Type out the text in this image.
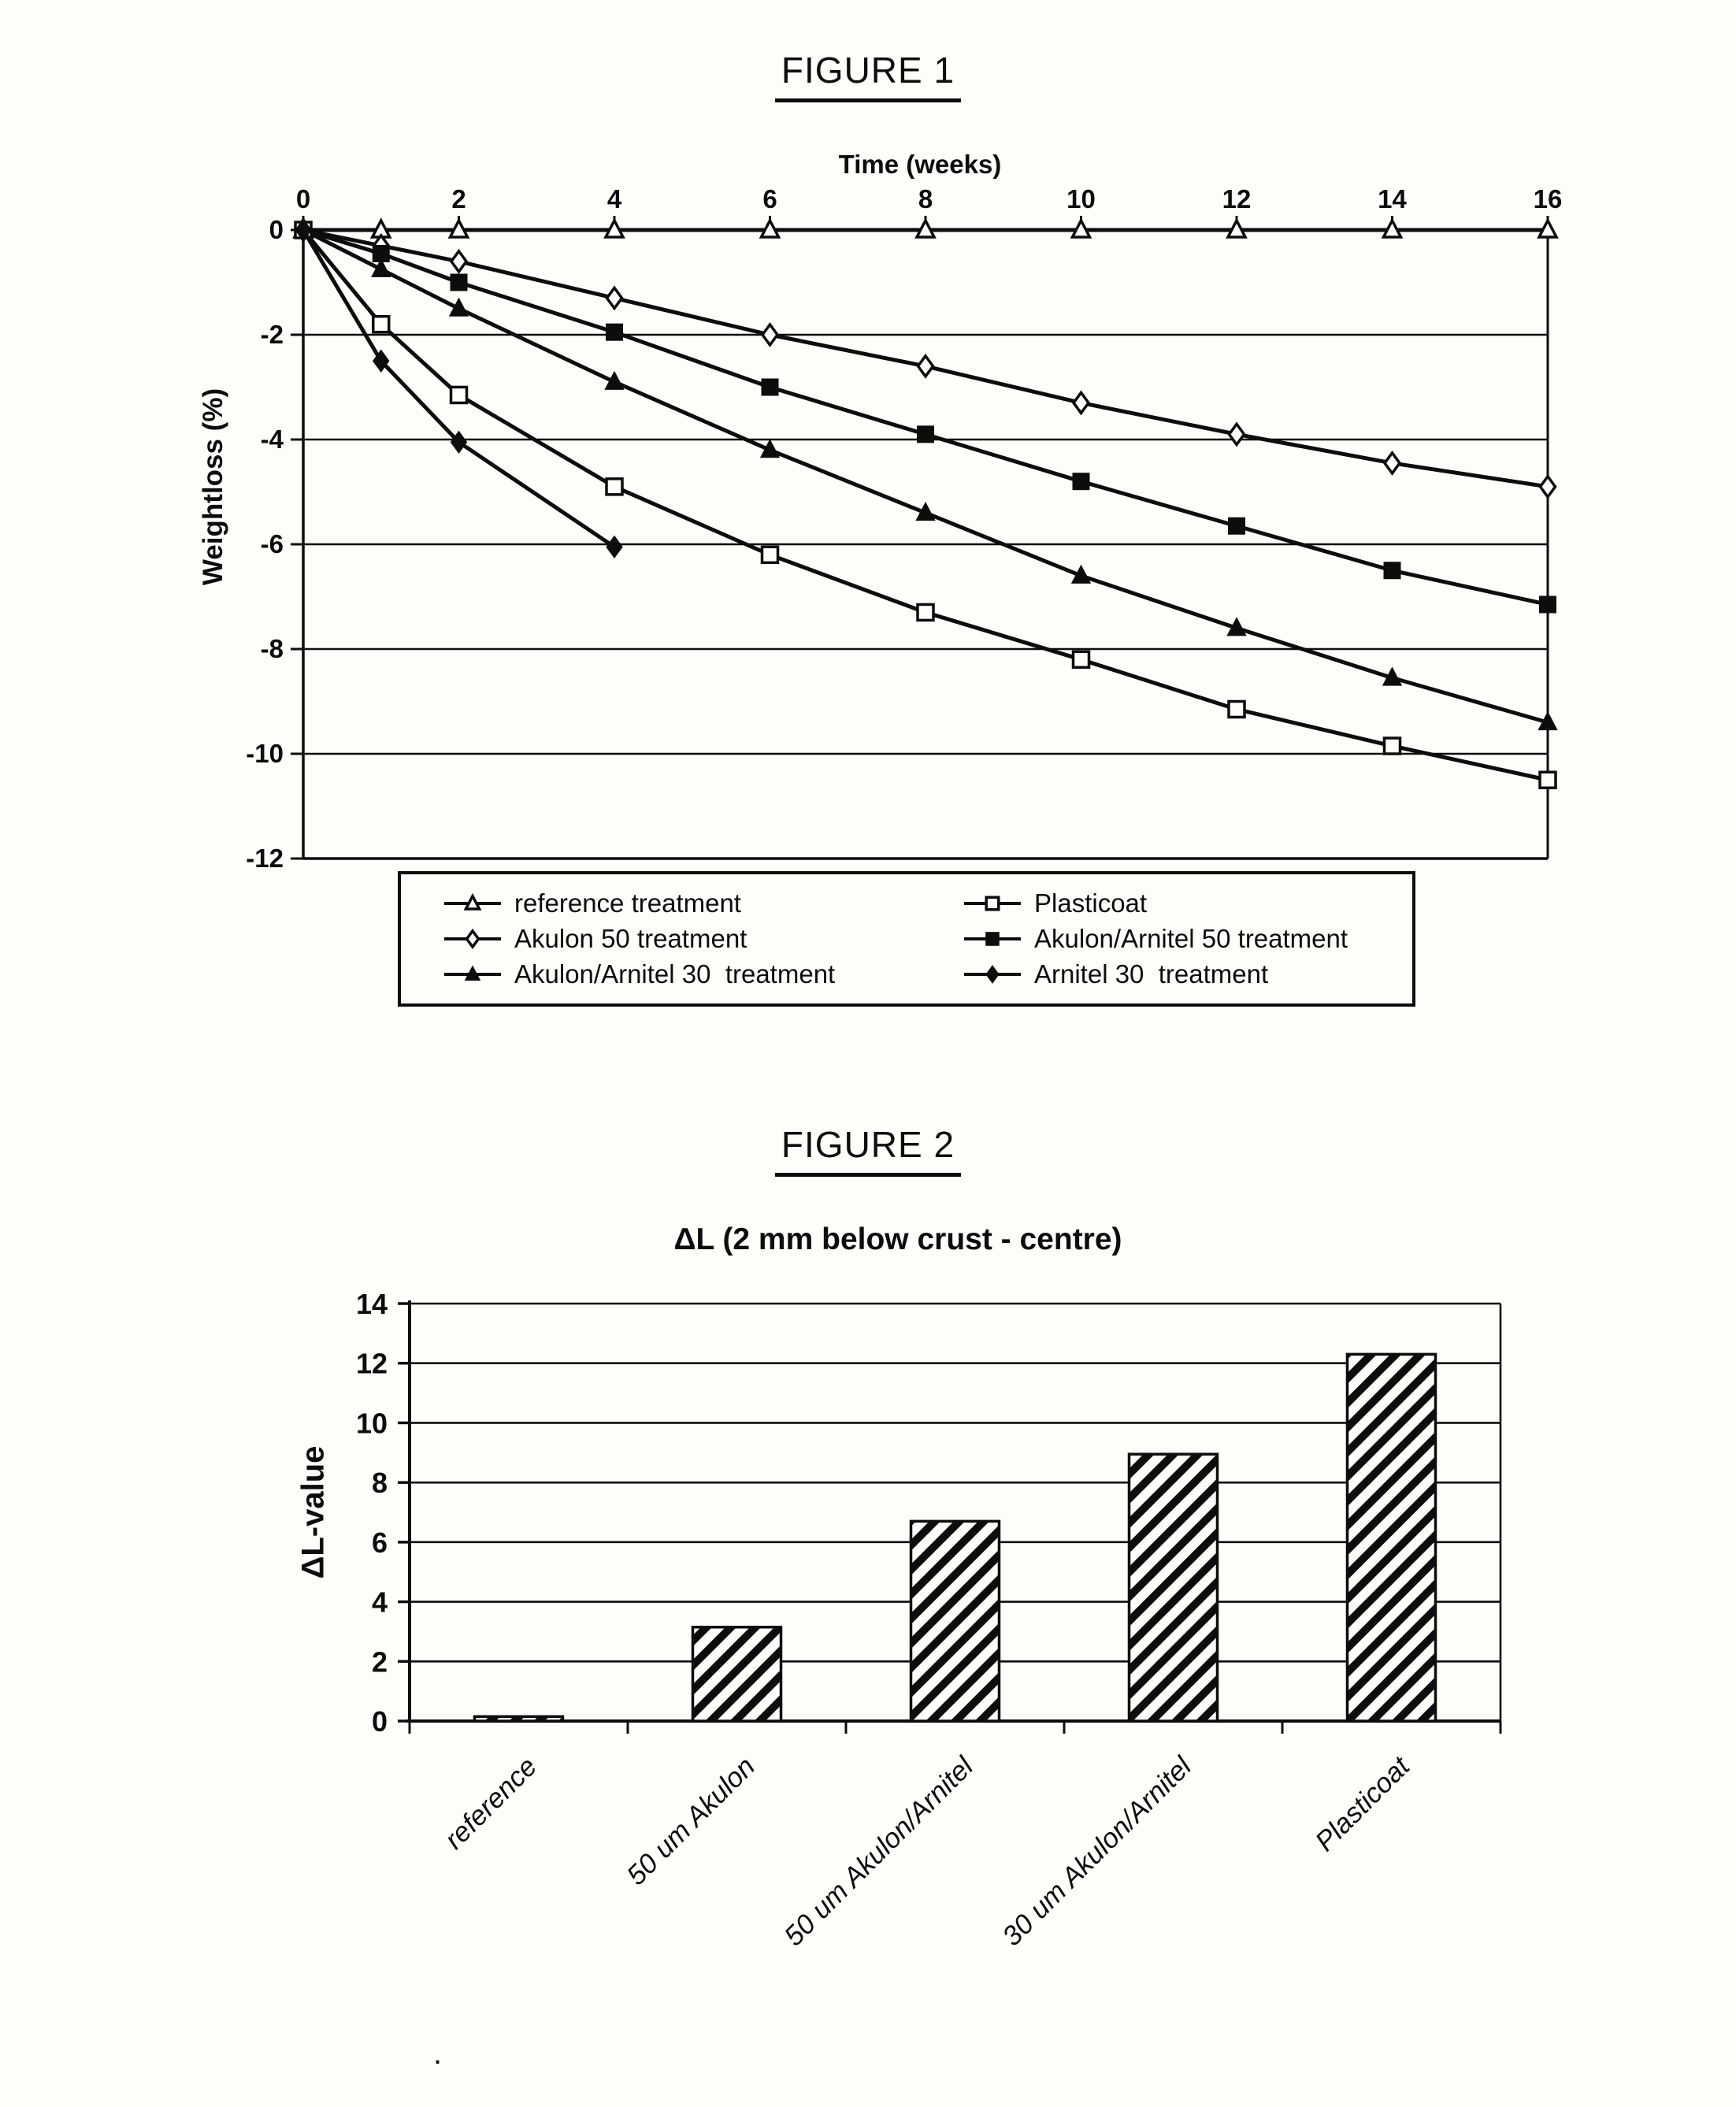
FIGURE 1
Time (weeks)
Weightloss (%)
0	2	4	6	8	10	12	14	16
0
-2
-4
-6
-8
-10
-12
0
2
4
6
8
10
12
14
reference	50 um Akulon 50 um Akulon/Arnitel 30 um Akulon/Arnitel	Plasticoat
reference treatment	Plasticoat
Akulon 50 treatment	Akulon/Arnitel 50 treatment
Akulon/Arnitel 30  treatment	Arnitel 30  treatment
FIGURE 2
ΔL (2 mm below crust - centre)
ΔL-value
.
